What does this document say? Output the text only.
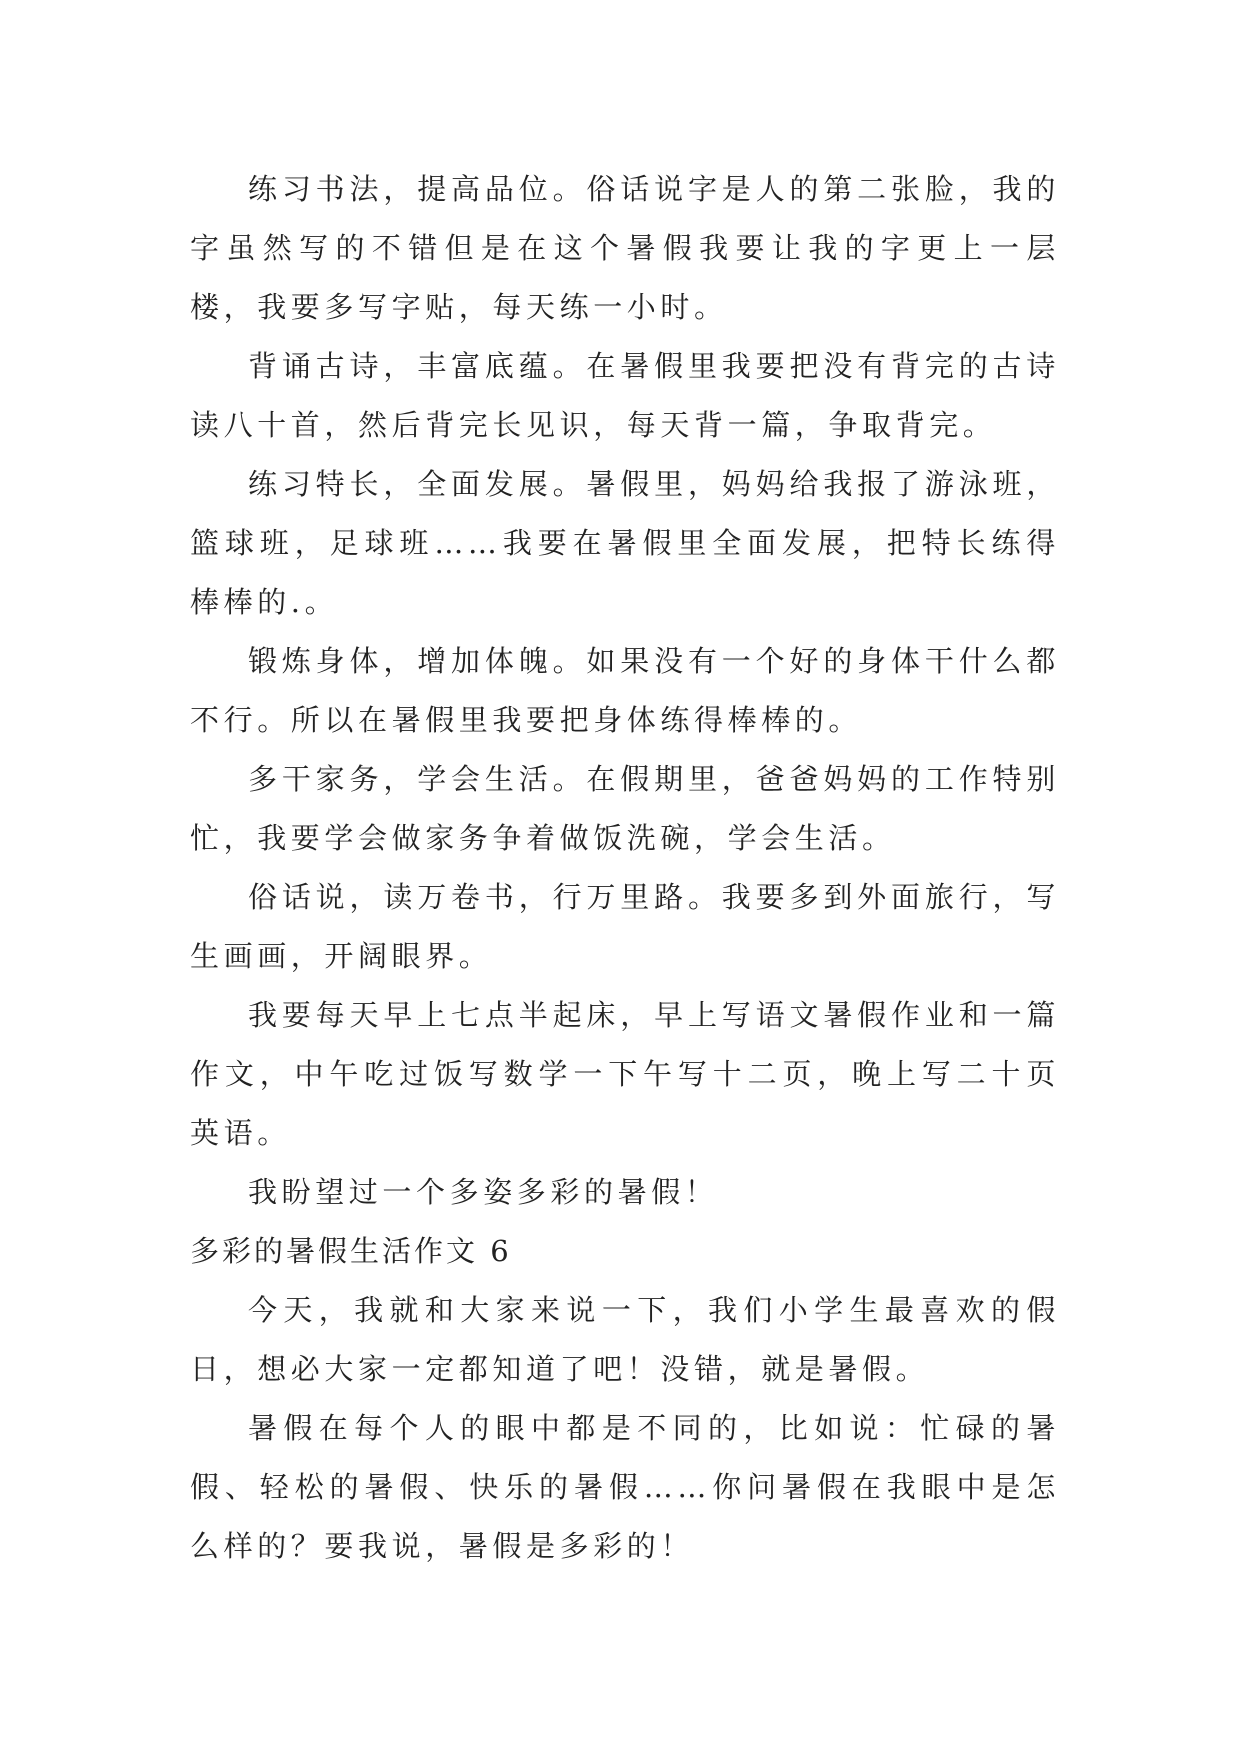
练习书法，提高品位。俗话说字是人的第二张脸，我的字虽然写的不错但是在这个暑假我要让我的字更上一层楼，我要多写字贴，每天练一小时。

背诵古诗，丰富底蕴。在暑假里我要把没有背完的古诗读八十首，然后背完长见识，每天背一篇，争取背完。

练习特长，全面发展。暑假里，妈妈给我报了游泳班，篮球班，足球班……我要在暑假里全面发展，把特长练得棒棒的.。

锻炼身体，增加体魄。如果没有一个好的身体干什么都不行。所以在暑假里我要把身体练得棒棒的。

多干家务，学会生活。在假期里，爸爸妈妈的工作特别忙，我要学会做家务争着做饭洗碗，学会生活。

俗话说，读万卷书，行万里路。我要多到外面旅行，写生画画，开阔眼界。

我要每天早上七点半起床，早上写语文暑假作业和一篇作文，中午吃过饭写数学一下午写十二页，晚上写二十页英语。

我盼望过一个多姿多彩的暑假！

多彩的暑假生活作文 6

今天，我就和大家来说一下，我们小学生最喜欢的假日，想必大家一定都知道了吧！没错，就是暑假。

暑假在每个人的眼中都是不同的，比如说：忙碌的暑假、轻松的暑假、快乐的暑假……你问暑假在我眼中是怎么样的？要我说，暑假是多彩的！
